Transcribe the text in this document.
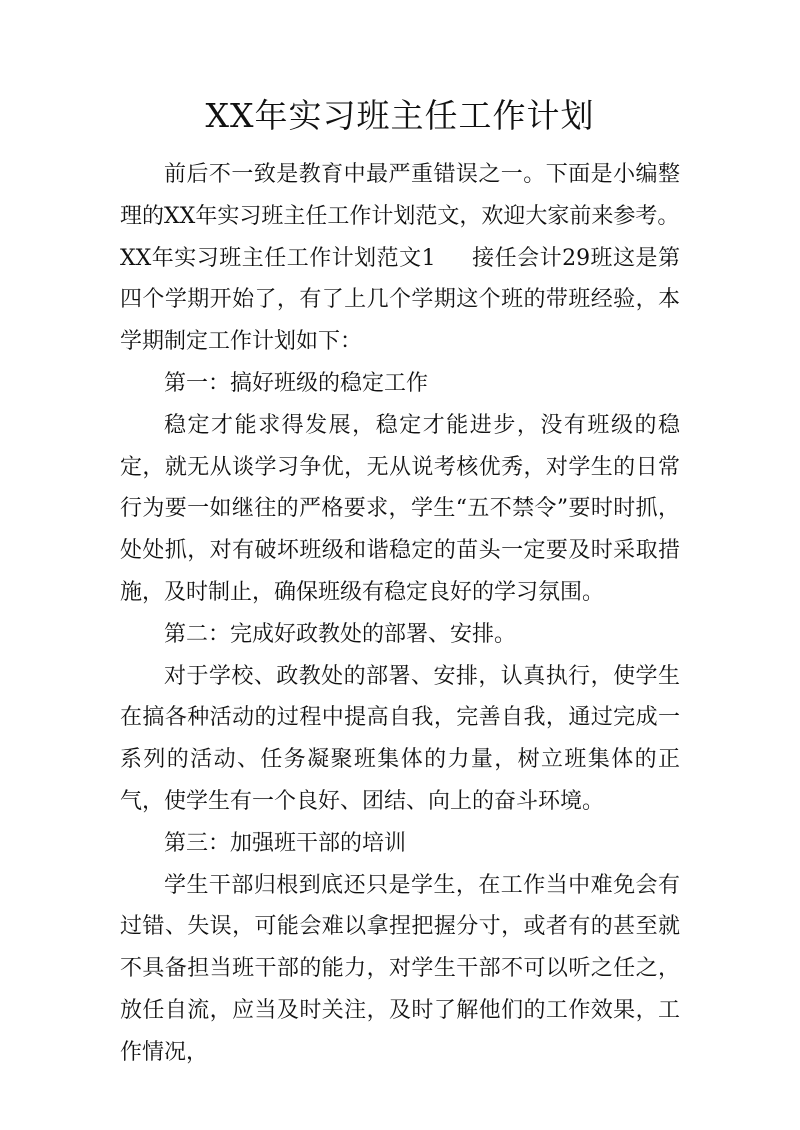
XX年实习班主任工作计划

前后不一致是教育中最严重错误之一。下面是小编整理的XX年实习班主任工作计划范文，欢迎大家前来参考。

XX年实习班主任工作计划范文1 接任会计29班这是第四个学期开始了，有了上几个学期这个班的带班经验，本学期制定工作计划如下：

第一：搞好班级的稳定工作

稳定才能求得发展，稳定才能进步，没有班级的稳定，就无从谈学习争优，无从说考核优秀，对学生的日常行为要一如继往的严格要求，学生“五不禁令”要时时抓，处处抓，对有破坏班级和谐稳定的苗头一定要及时采取措施，及时制止，确保班级有稳定良好的学习氛围。

第二：完成好政教处的部署、安排。

对于学校、政教处的部署、安排，认真执行，使学生在搞各种活动的过程中提高自我，完善自我，通过完成一系列的活动、任务凝聚班集体的力量，树立班集体的正气，使学生有一个良好、团结、向上的奋斗环境。

第三：加强班干部的培训

学生干部归根到底还只是学生，在工作当中难免会有过错、失误，可能会难以拿捏把握分寸，或者有的甚至就不具备担当班干部的能力，对学生干部不可以听之任之，放任自流，应当及时关注，及时了解他们的工作效果，工作情况，
